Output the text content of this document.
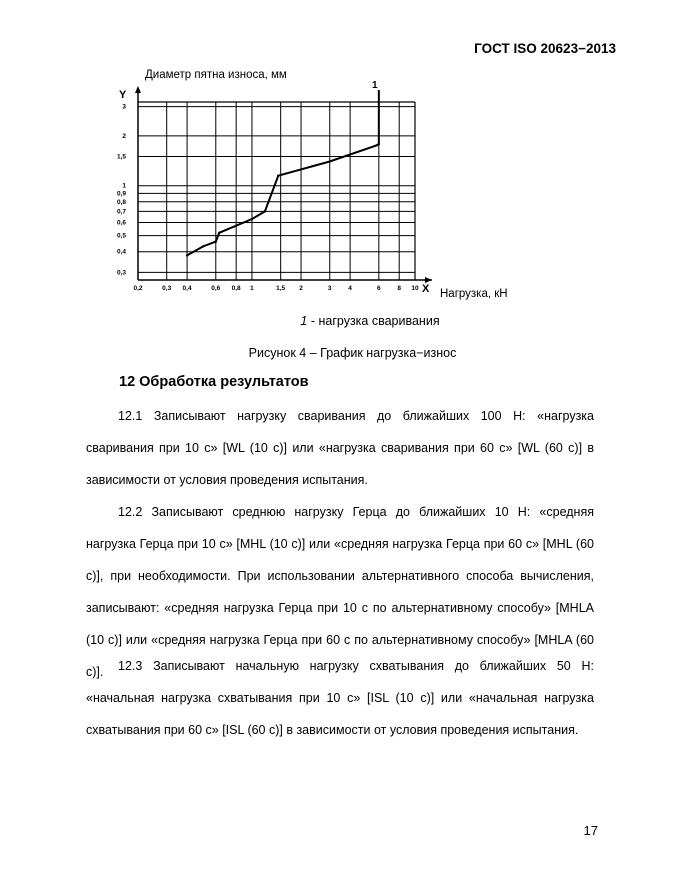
ГОСТ ISO 20623−2013
3
2
1,5
1
0,9
0,8
0,7
0,6
0,5
0,4
0,3
0,2	0,3 0,4	0,6 0,8 1	1,5 2	3	4	6	8 10
Диаметр пятна износа, мм
Y
X Нагрузка, кН
1
1 - нагрузка сваривания
Рисунок 4 – График нагрузка−износ
12 Обработка результатов
12.1 Записывают нагрузку сваривания до ближайших 100 Н: «нагрузка сваривания при 10 с» [WL (10 с)] или «нагрузка сваривания при 60 с» [WL (60 с)] в зависимости от условия проведения испытания.
12.2 Записывают среднюю нагрузку Герца до ближайших 10 Н: «средняя нагрузка Герца при 10 с» [MHL (10 с)] или «средняя нагрузка Герца при 60 с» [MHL (60 с)], при необходимости. При использовании альтернативного способа вычисления, записывают: «средняя нагрузка Герца при 10 с по альтернативному способу» [MHLA (10 с)] или «средняя нагрузка Герца при 60 с по альтернативному способу» [MHLA (60 с)].	12.3 Записывают начальную нагрузку схватывания до ближайших 50 Н: «начальная нагрузка схватывания при 10 с» [ISL (10 с)] или «начальная нагрузка схватывания при 60 с» [ISL (60 с)] в зависимости от условия проведения испытания.
17
